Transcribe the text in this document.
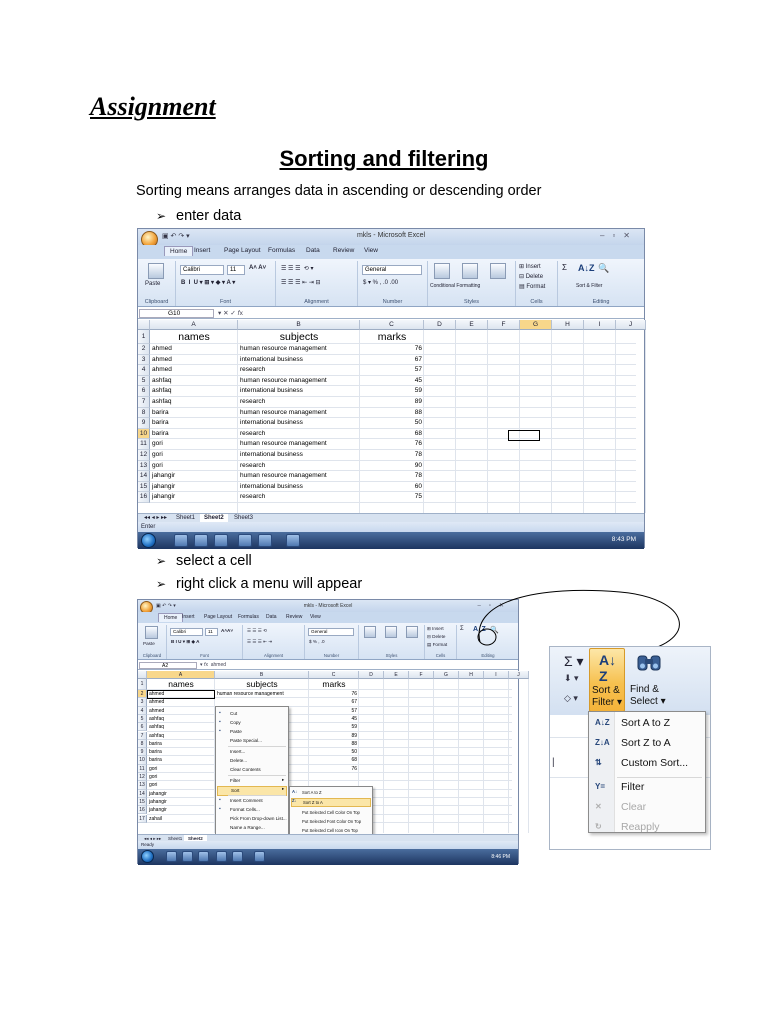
Assignment
Sorting and filtering
Sorting means arranges data in ascending or descending order
➢ enter data
➢ select a cell
➢ right click a menu will appear
▣ ↶ ↷ ▾	mkls - Microsoft Excel	–▫✕
Home	Insert Page Layout Formulas Data Review View
Paste
Clipboard
Calibri	11	A˄ A˅
B  I  U ▾ ⊞ ▾ ◆ ▾ A ▾
Font
☰ ☰ ☰  ⟲ ▾
☰ ☰ ☰ ⇤ ⇥ ⊟
Alignment
General
$ ▾ % , .0 .00
Number
Conditional Formatting
Styles
⊞ Insert
⊟ Delete
▤ Format
Cells
Σ A↓Z 🔍
Sort & Filter
Editing
G10	▾ ✕ ✓ 𝑓x
A	B	C	D	E	F	G	H	I	J
1	names	subjects	marks
2	ahmed	human resource management	76
3	ahmed	international business	67
4	ahmed	research	57
5	ashfaq	human resource management	45
6	ashfaq	international business	59
7	ashfaq	research	89
8	barira	human resource management	88
9	barira	international business	50
10 barira	research	68
11 gori	human resource management	76
12 gori	international business	78
13 gori	research	90
14 jahangir	human resource management	78
15 jahangir	international business	60
16 jahangir	research	75
◂◂ ◂ ▸ ▸▸	Sheet1	Sheet2	Sheet3
Enter
8:43 PM
▣ ↶ ↷ ▾	mkls - Microsoft Excel	–▫✕
Home Insert Page Layout Formulas Data Review View
Paste
Clipboard
Calibri	11	A˄A˅
B I U ▾ ⊞ ◆ A
Font
☰ ☰ ☰ ⟲
☰ ☰ ☰ ⇤ ⇥
Alignment
General
$ % , .0
Number	Styles
⊞ Insert
⊟ Delete
▤ Format
Cells
Σ A↓Z 🔍
Editing
A2	▾ 𝑓x  ahmed
A	B	C	D	E	F	G	H	I	J
1	names	subjects	marks
2	ahmed	human resource management	76
3	ahmed	67
4	ahmed	57
5	ashfaq	45
6	ashfaq	59
7	ashfaq	89
8	barira	88
9	barira	50
10 barira	68
11 gori	76
12 gori
13 gori
14 jahangir
15 jahangir
16 jahangir
17 zahail
Cut
▪
Copy
▪
Paste
▪
Paste Special...
Insert...
Delete...
Clear Contents
Filter	▸
Sort	▸
Insert Comment
▪
Format Cells...
▪
Pick From Drop-down List...
Name a Range...
Sort A to Z
A↓
Sort Z to A
Z↓
Put Selected Cell Color On Top
Put Selected Font Color On Top
Put Selected Cell Icon On Top
◂◂ ◂ ▸ ▸▸	Sheet1	Sheet2
Ready
8:46 PM
Σ ▾
⬇ ▾
◇ ▾
A↓
Z
Sort &
Filter ▾
Find &
Select ▾
|
A↓Z Sort A to Z
Z↓A Sort Z to A
⇅ Custom Sort...
Y= Filter
✕ Clear
↻ Reapply
